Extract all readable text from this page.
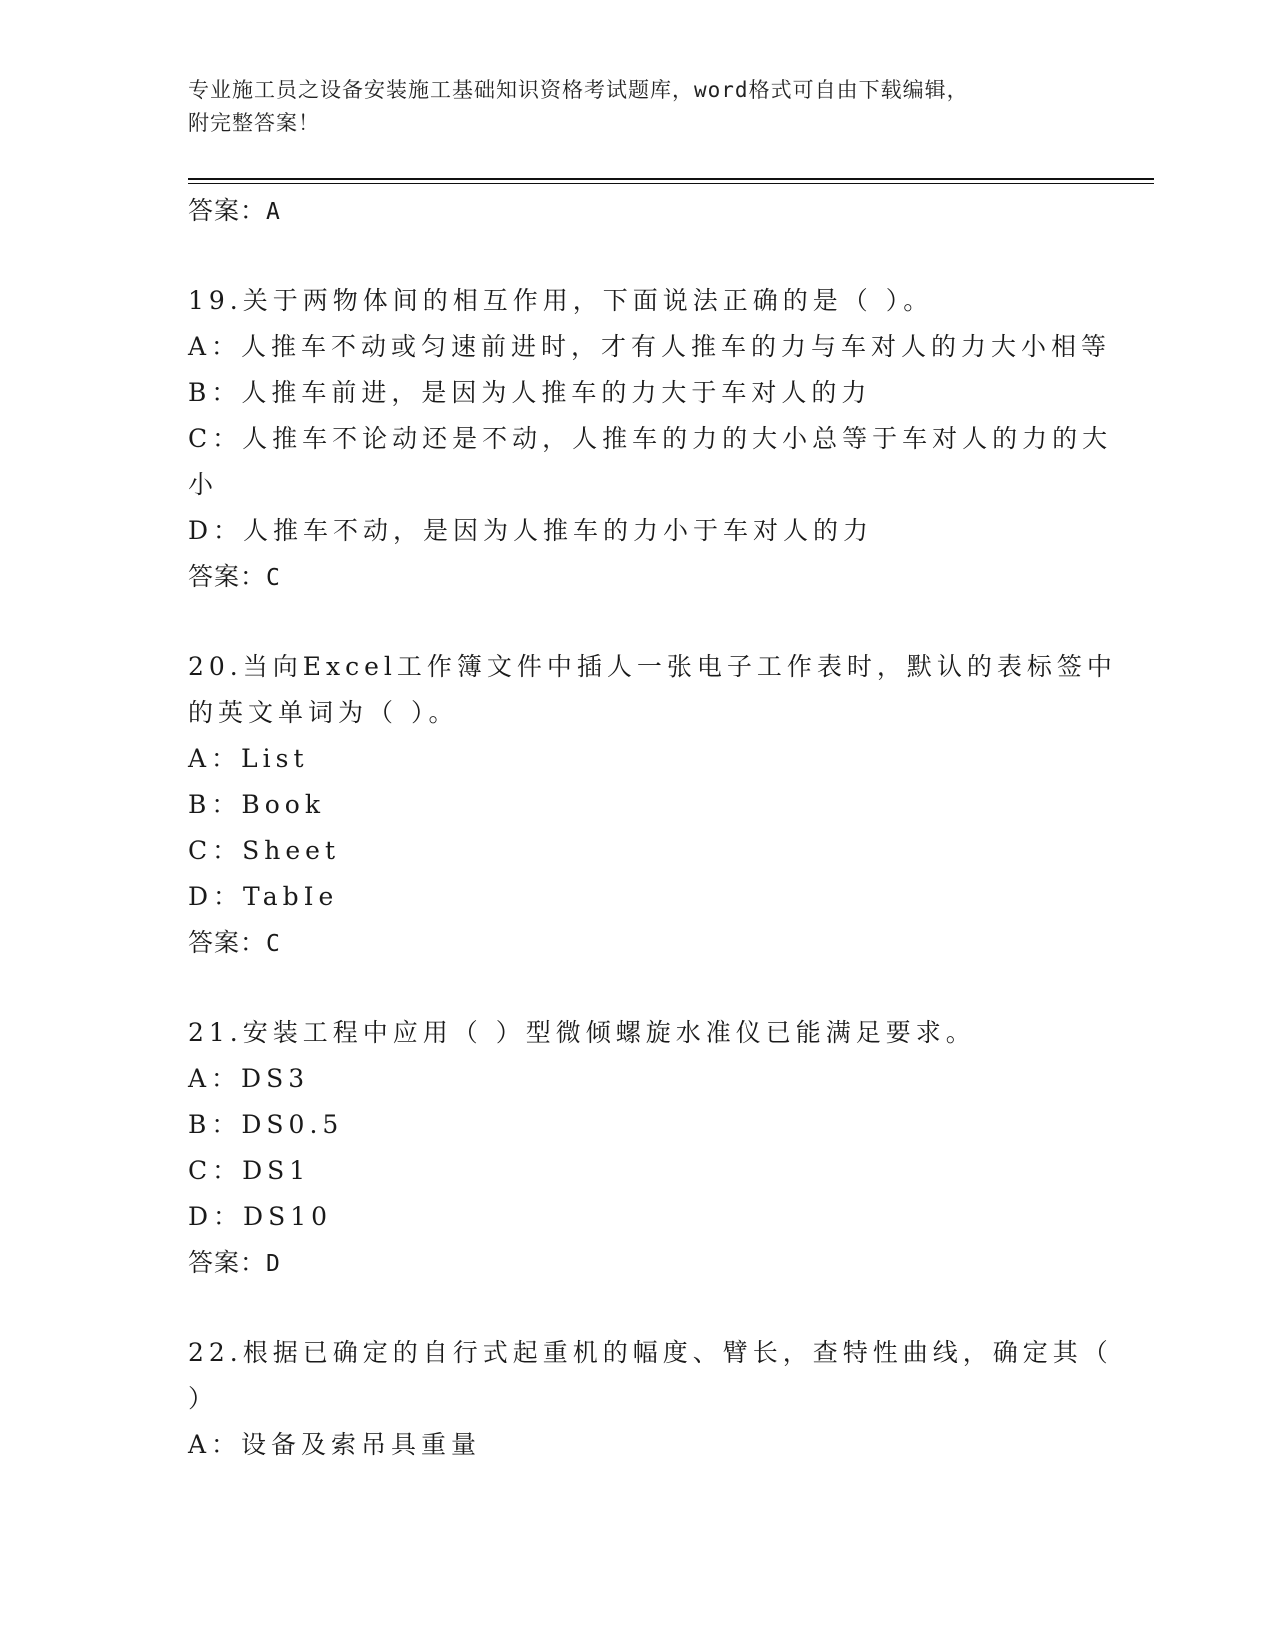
专业施工员之设备安装施工基础知识资格考试题库，word格式可自由下载编辑，
附完整答案！
答案：A
19.关于两物体间的相互作用，下面说法正确的是（ ）。
A：人推车不动或匀速前进时，才有人推车的力与车对人的力大小相等
B：人推车前进，是因为人推车的力大于车对人的力
C：人推车不论动还是不动，人推车的力的大小总等于车对人的力的大
小
D：人推车不动，是因为人推车的力小于车对人的力
答案：C
20.当向Excel工作簿文件中插人一张电子工作表时，默认的表标签中
的英文单词为（ ）。
A：List
B：Book
C：Sheet
D：TabIe
答案：C
21.安装工程中应用（ ）型微倾螺旋水准仪已能满足要求。
A：DS3
B：DS0.5
C：DS1
D：DS10
答案：D
22.根据已确定的自行式起重机的幅度、臂长，查特性曲线，确定其（
）
A：设备及索吊具重量
